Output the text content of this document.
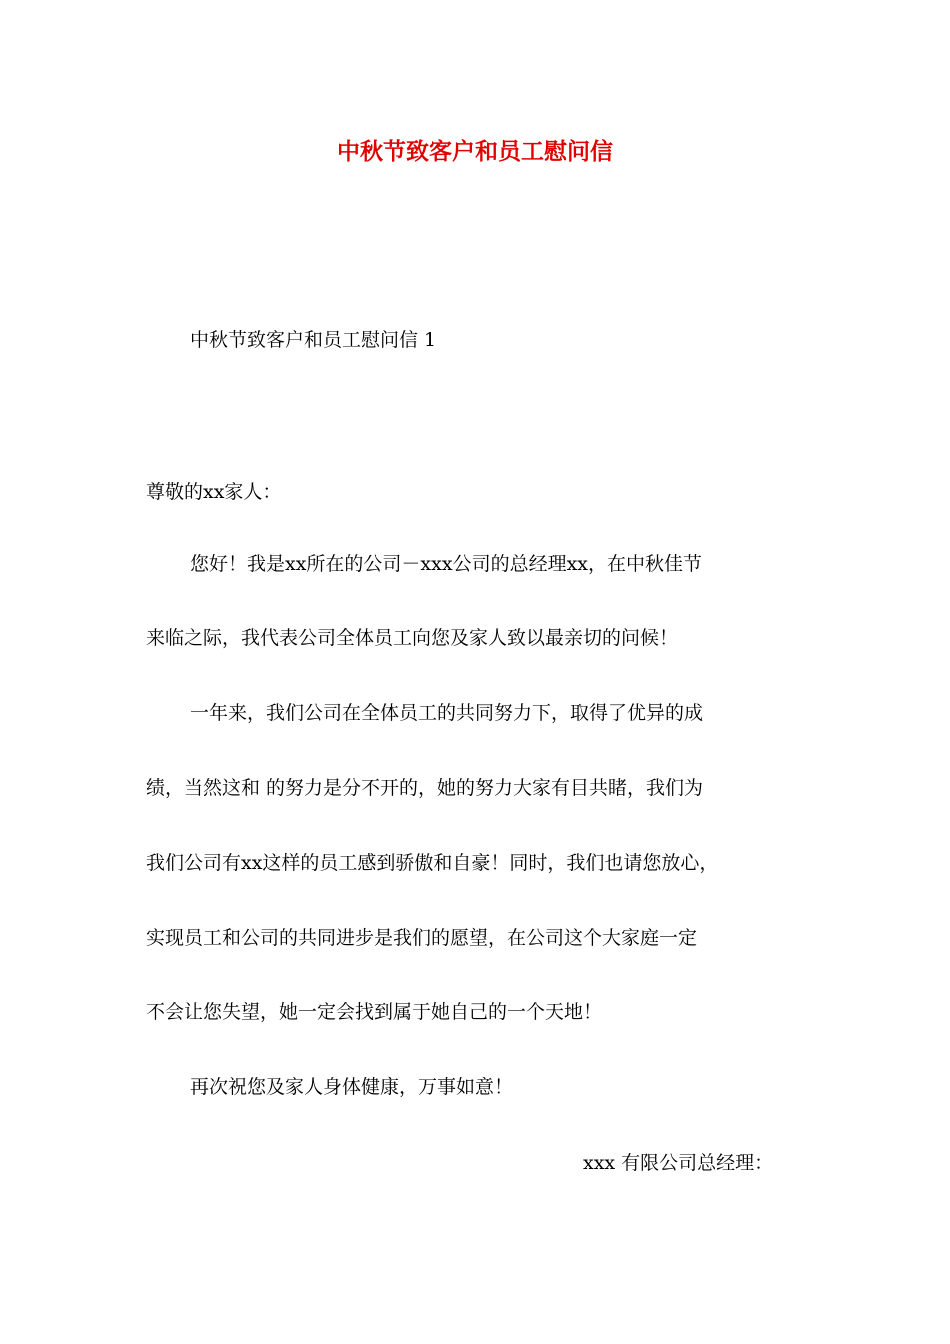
中秋节致客户和员工慰问信

中秋节致客户和员工慰问信 1

尊敬的xx家人：

您好！我是xx所在的公司－xxx公司的总经理xx，在中秋佳节

来临之际，我代表公司全体员工向您及家人致以最亲切的问候！

一年来，我们公司在全体员工的共同努力下，取得了优异的成

绩，当然这和 的努力是分不开的，她的努力大家有目共睹，我们为

我们公司有xx这样的员工感到骄傲和自豪！同时，我们也请您放心，

实现员工和公司的共同进步是我们的愿望，在公司这个大家庭一定

不会让您失望，她一定会找到属于她自己的一个天地！

再次祝您及家人身体健康，万事如意！

xxx 有限公司总经理：
